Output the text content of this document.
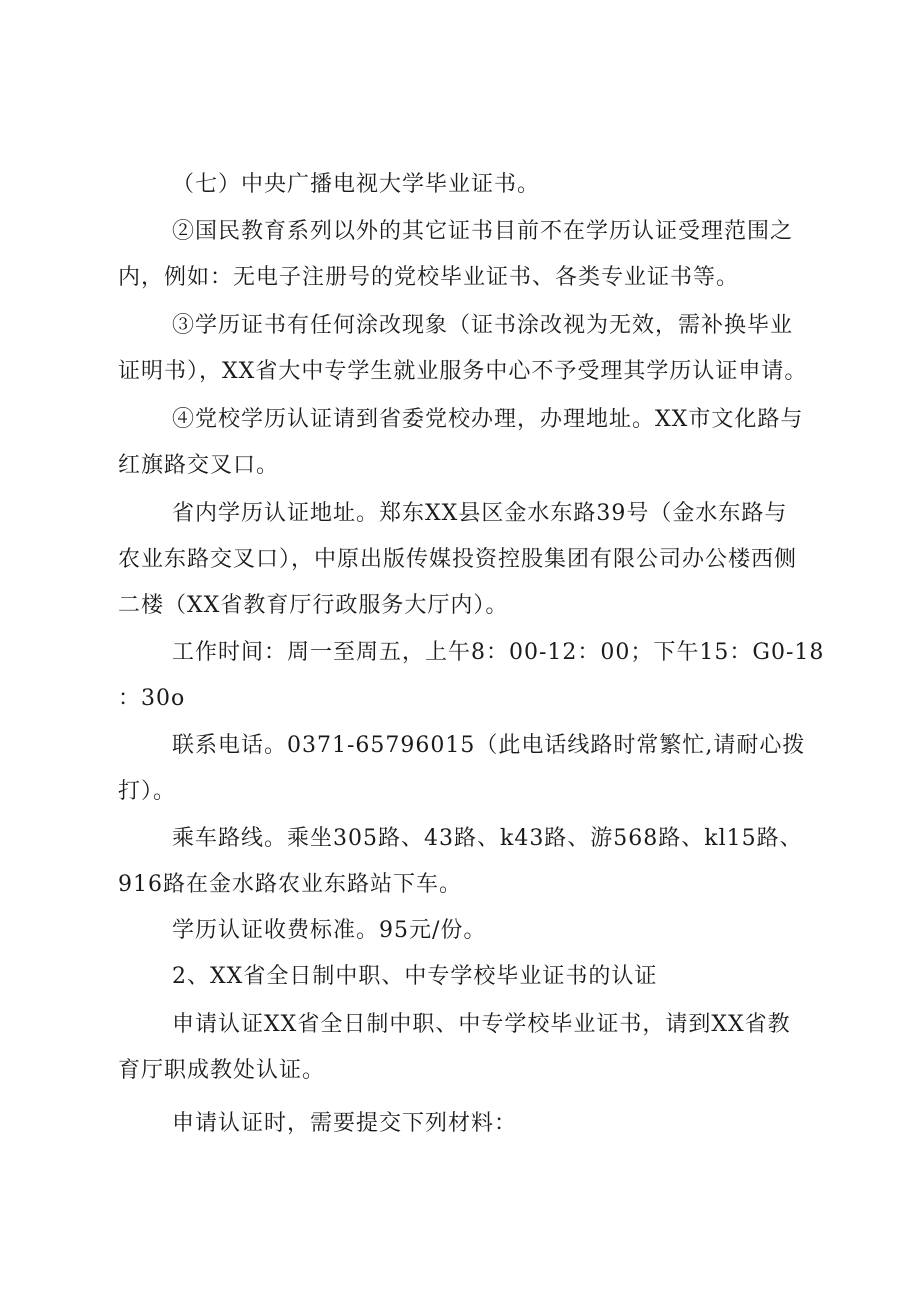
（七）中央广播电视大学毕业证书。

②国民教育系列以外的其它证书目前不在学历认证受理范围之
内，例如：无电子注册号的党校毕业证书、各类专业证书等。

③学历证书有任何涂改现象（证书涂改视为无效，需补换毕业
证明书），XX省大中专学生就业服务中心不予受理其学历认证申请。

④党校学历认证请到省委党校办理，办理地址。XX市文化路与
红旗路交叉口。

省内学历认证地址。郑东XX县区金水东路39号（金水东路与
农业东路交叉口），中原出版传媒投资控股集团有限公司办公楼西侧
二楼（XX省教育厅行政服务大厅内）。

工作时间：周一至周五，上午8：00-12：00；下午15：G0-18
：30o

联系电话。0371-65796015（此电话线路时常繁忙,请耐心拨
打）。

乘车路线。乘坐305路、43路、k43路、游568路、kl15路、
916路在金水路农业东路站下车。

学历认证收费标准。95元/份。

2、XX省全日制中职、中专学校毕业证书的认证

申请认证XX省全日制中职、中专学校毕业证书，请到XX省教
育厅职成教处认证。

申请认证时，需要提交下列材料：
